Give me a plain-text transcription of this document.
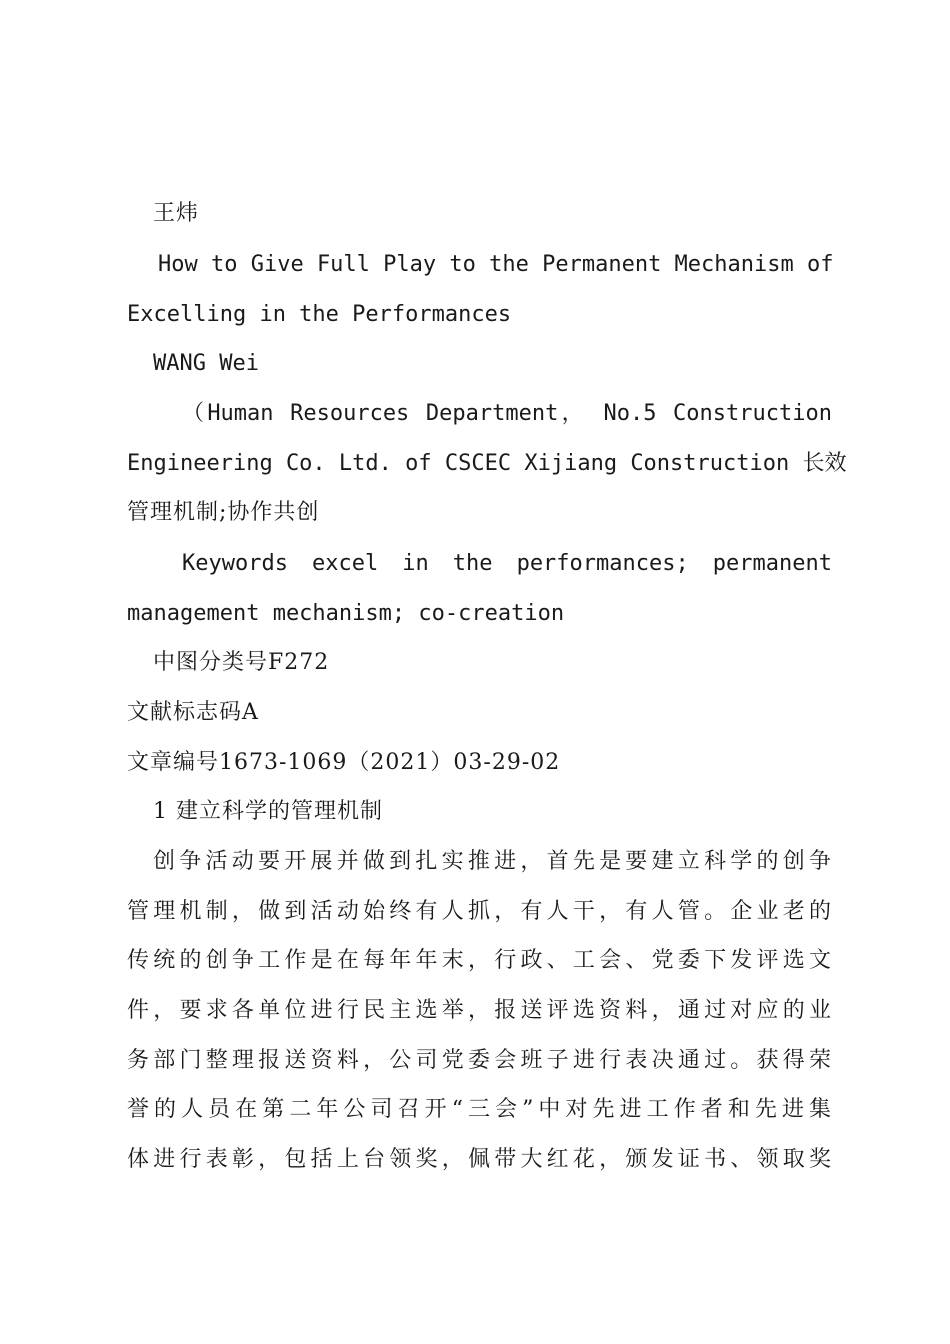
王炜
How to Give Full Play to the Permanent Mechanism of
Excelling in the Performances
WANG Wei
（Human Resources Department， No.5 Construction
Engineering Co. Ltd. of CSCEC Xijiang Construction 长效
管理机制;协作共创
Keywords excel in the performances; permanent
management mechanism; co-creation
中图分类号F272
文献标志码A
文章编号1673-1069（2021）03-29-02
1 建立科学的管理机制
创争活动要开展并做到扎实推进，首先是要建立科学的创争
管理机制，做到活动始终有人抓，有人干，有人管。企业老的
传统的创争工作是在每年年末，行政、工会、党委下发评选文
件，要求各单位进行民主选举，报送评选资料，通过对应的业
务部门整理报送资料，公司党委会班子进行表决通过。获得荣
誉的人员在第二年公司召开“三会”中对先进工作者和先进集
体进行表彰，包括上台领奖，佩带大红花，颁发证书、领取奖
